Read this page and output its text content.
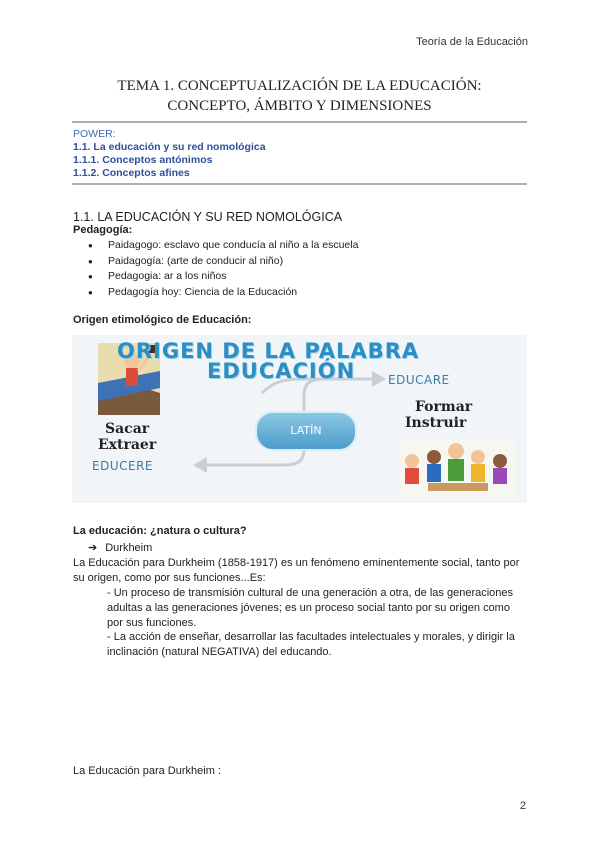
Teoría de la Educación
TEMA 1. CONCEPTUALIZACIÓN DE LA EDUCACIÓN:
CONCEPTO, ÁMBITO Y DIMENSIONES
POWER:
1.1. La educación y su red nomológica
1.1.1. Conceptos antónimos
1.1.2. Conceptos afines
1.1. LA EDUCACIÓN Y SU RED NOMOLÓGICA
Pedagogía:
● Paidagogo: esclavo que conducía al niño a la escuela
● Paidagogía: (arte de conducir al niño)
● Pedagogia: ar a los niños
● Pedagogía hoy: Ciencia de la Educación
Origen etimológico de Educación:
ORIGEN DE LA PALABRA
EDUCACIÓN
LATÍN
EDUCARE
Formar
Instruir
Sacar
Extraer
EDUCERE
La educación: ¿natura o cultura?
➔ Durkheim
La Educación para Durkheim (1858-1917) es un fenómeno eminentemente social, tanto por su origen, como por sus funciones...Es:
- Un proceso de transmisión cultural de una generación a otra, de las generaciones adultas a las generaciones jóvenes; es un proceso social tanto por su origen como por sus funciones.
- La acción de enseñar, desarrollar las facultades intelectuales y morales, y dirigir la inclinación (natural NEGATIVA) del educando.
La Educación para Durkheim :
2
